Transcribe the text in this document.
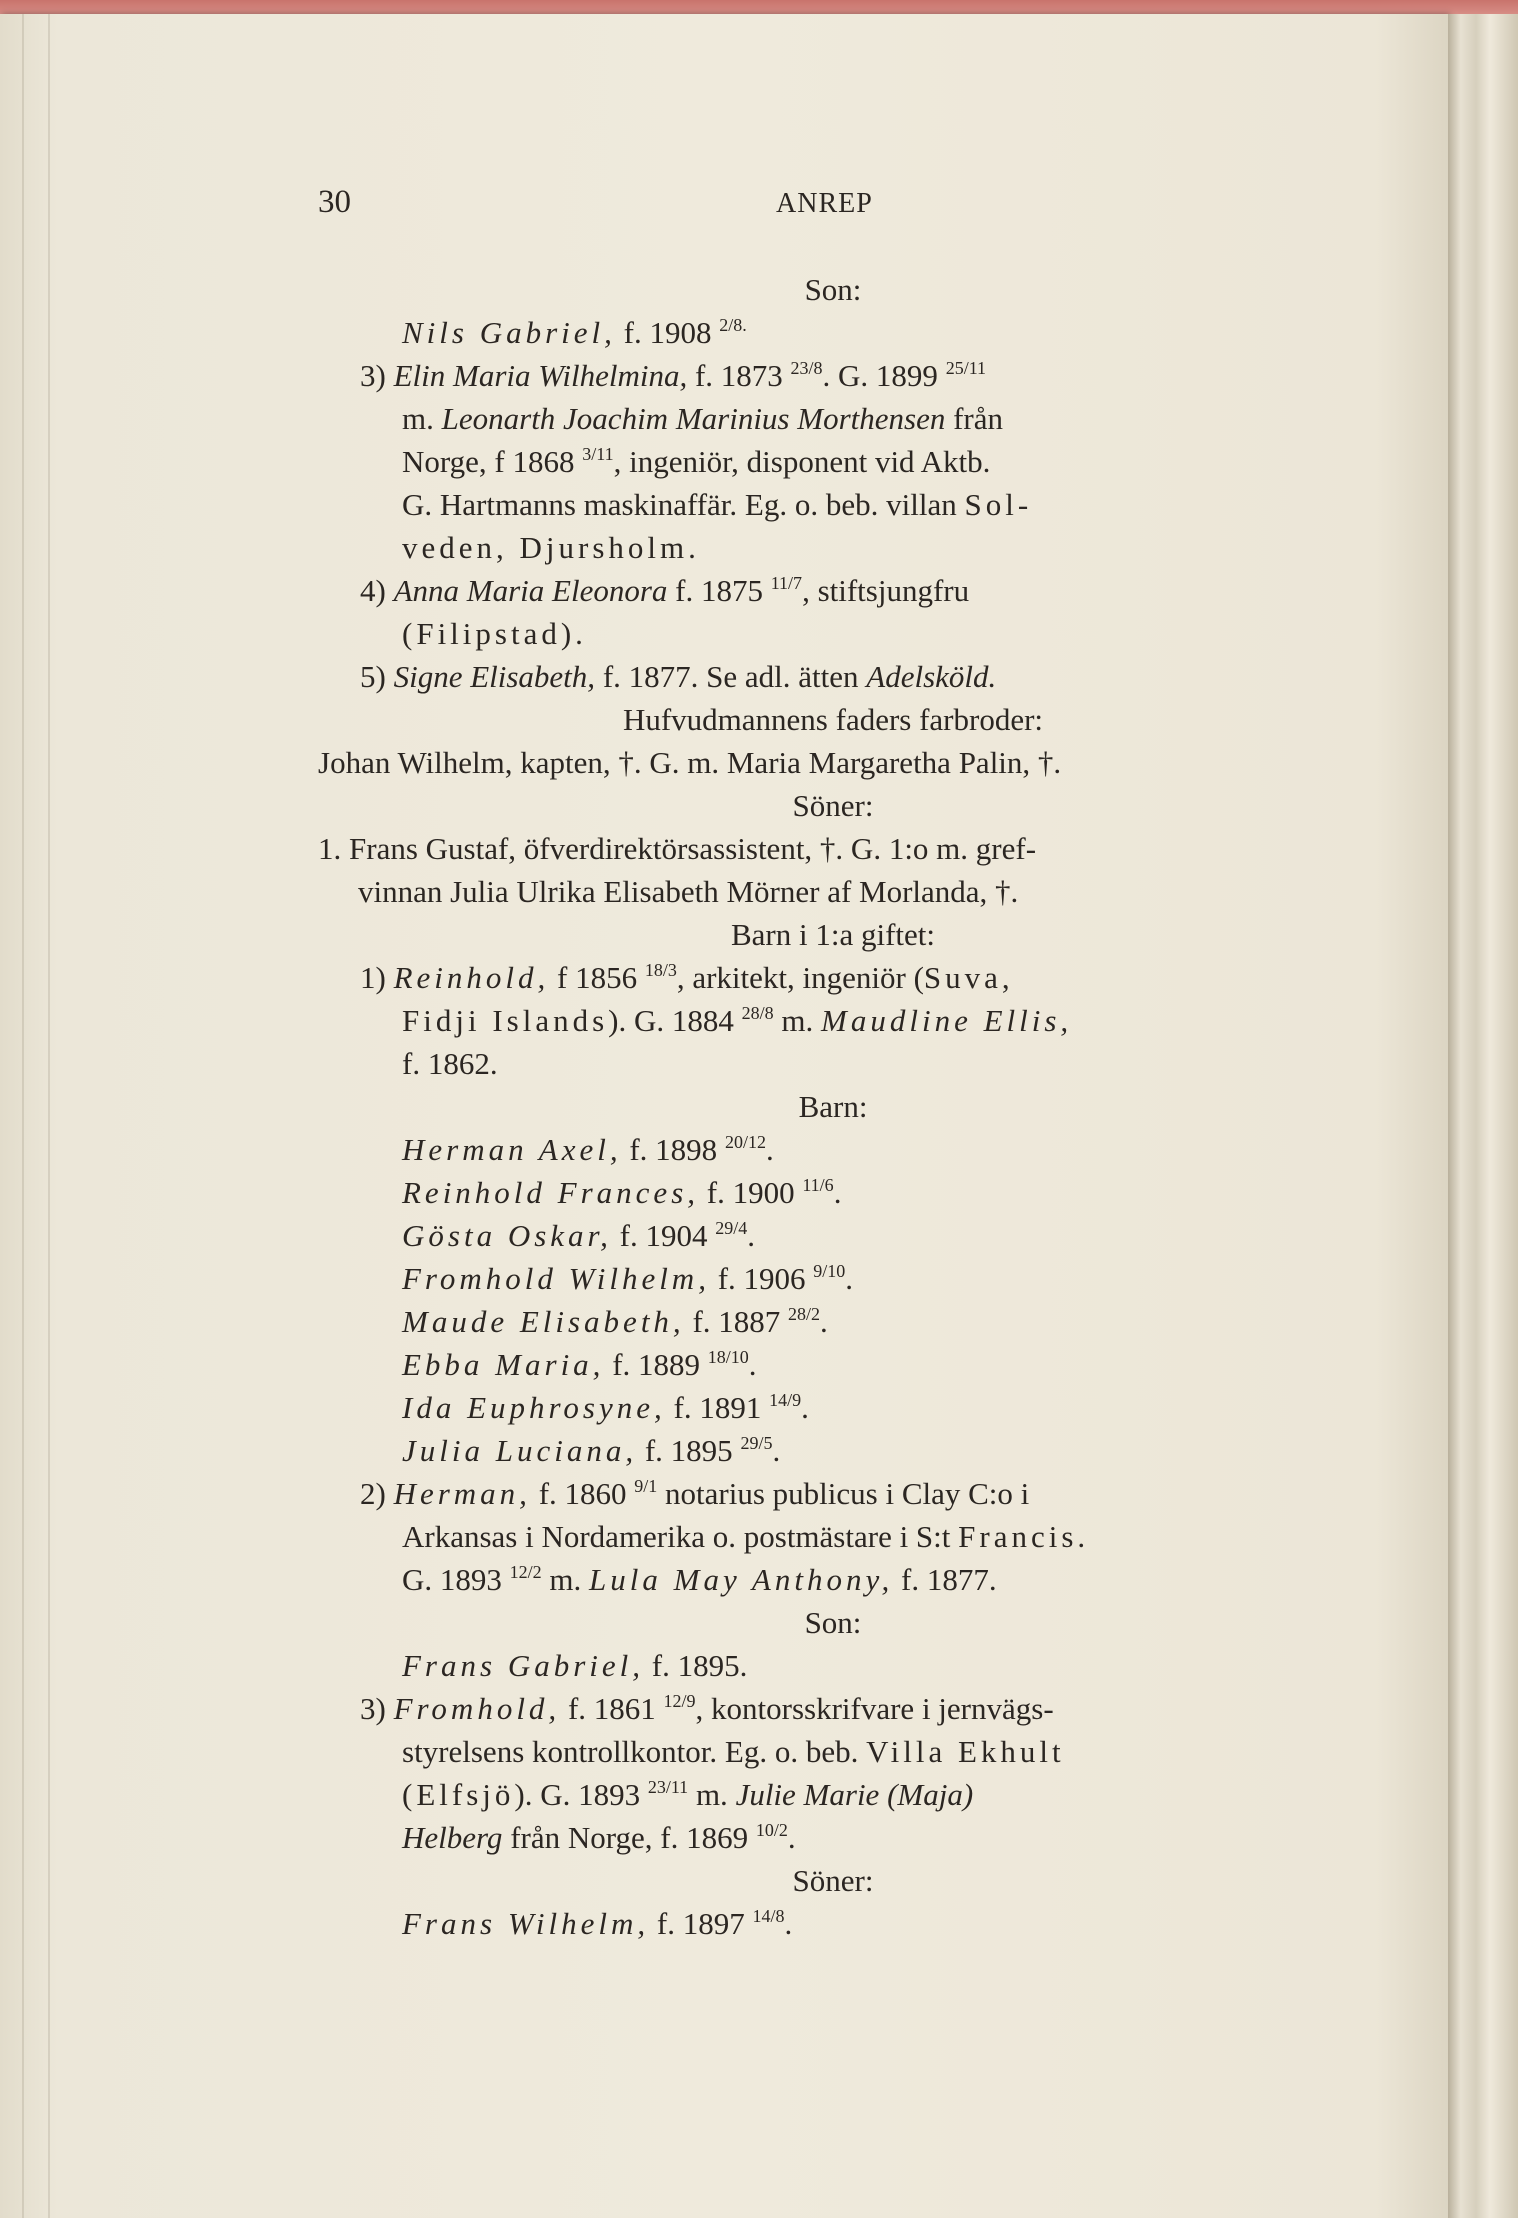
30	ANREP
Son:
Nils Gabriel, f. 1908 $^{2/8.}$
3) Elin Maria Wilhelmina, f. 1873 $^{23/8}$. G. 1899 $^{25/11}$
m. Leonarth Joachim Marinius Morthensen från
Norge, f 1868 $^{3/11}$, ingeniör, disponent vid Aktb.
G. Hartmanns maskinaffär. Eg. o. beb. villan Sol-
veden, Djursholm.
4) Anna Maria Eleonora f. 1875 $^{11/7}$, stiftsjungfru
(Filipstad).
5) Signe Elisabeth, f. 1877. Se adl. ätten Adelsköld.
Hufvudmannens faders farbroder:
Johan Wilhelm, kapten, †. G. m. Maria Margaretha Palin, †.
Söner:
1. Frans Gustaf, öfverdirektörsassistent, †. G. 1:o m. gref-
vinnan Julia Ulrika Elisabeth Mörner af Morlanda, †.
Barn i 1:a giftet:
1) Reinhold, f 1856 $^{18/3}$, arkitekt, ingeniör (Suva,
Fidji Islands). G. 1884 $^{28/8}$ m. Maudline Ellis,
f. 1862.
Barn:
Herman Axel, f. 1898 $^{20/12}$.
Reinhold Frances, f. 1900 $^{11/6}$.
Gösta Oskar, f. 1904 $^{29/4}$.
Fromhold Wilhelm, f. 1906 $^{9/10}$.
Maude Elisabeth, f. 1887 $^{28/2}$.
Ebba Maria, f. 1889 $^{18/10}$.
Ida Euphrosyne, f. 1891 $^{14/9}$.
Julia Luciana, f. 1895 $^{29/5}$.
2) Herman, f. 1860 $^{9/1}$ notarius publicus i Clay C:o i
Arkansas i Nordamerika o. postmästare i S:t Francis.
G. 1893 $^{12/2}$ m. Lula May Anthony, f. 1877.
Son:
Frans Gabriel, f. 1895.
3) Fromhold, f. 1861 $^{12/9}$, kontorsskrifvare i jernvägs-
styrelsens kontrollkontor. Eg. o. beb. Villa Ekhult
(Elfsjö). G. 1893 $^{23/11}$ m. Julie Marie (Maja)
Helberg från Norge, f. 1869 $^{10/2}$.
Söner:
Frans Wilhelm, f. 1897 $^{14/8}$.
